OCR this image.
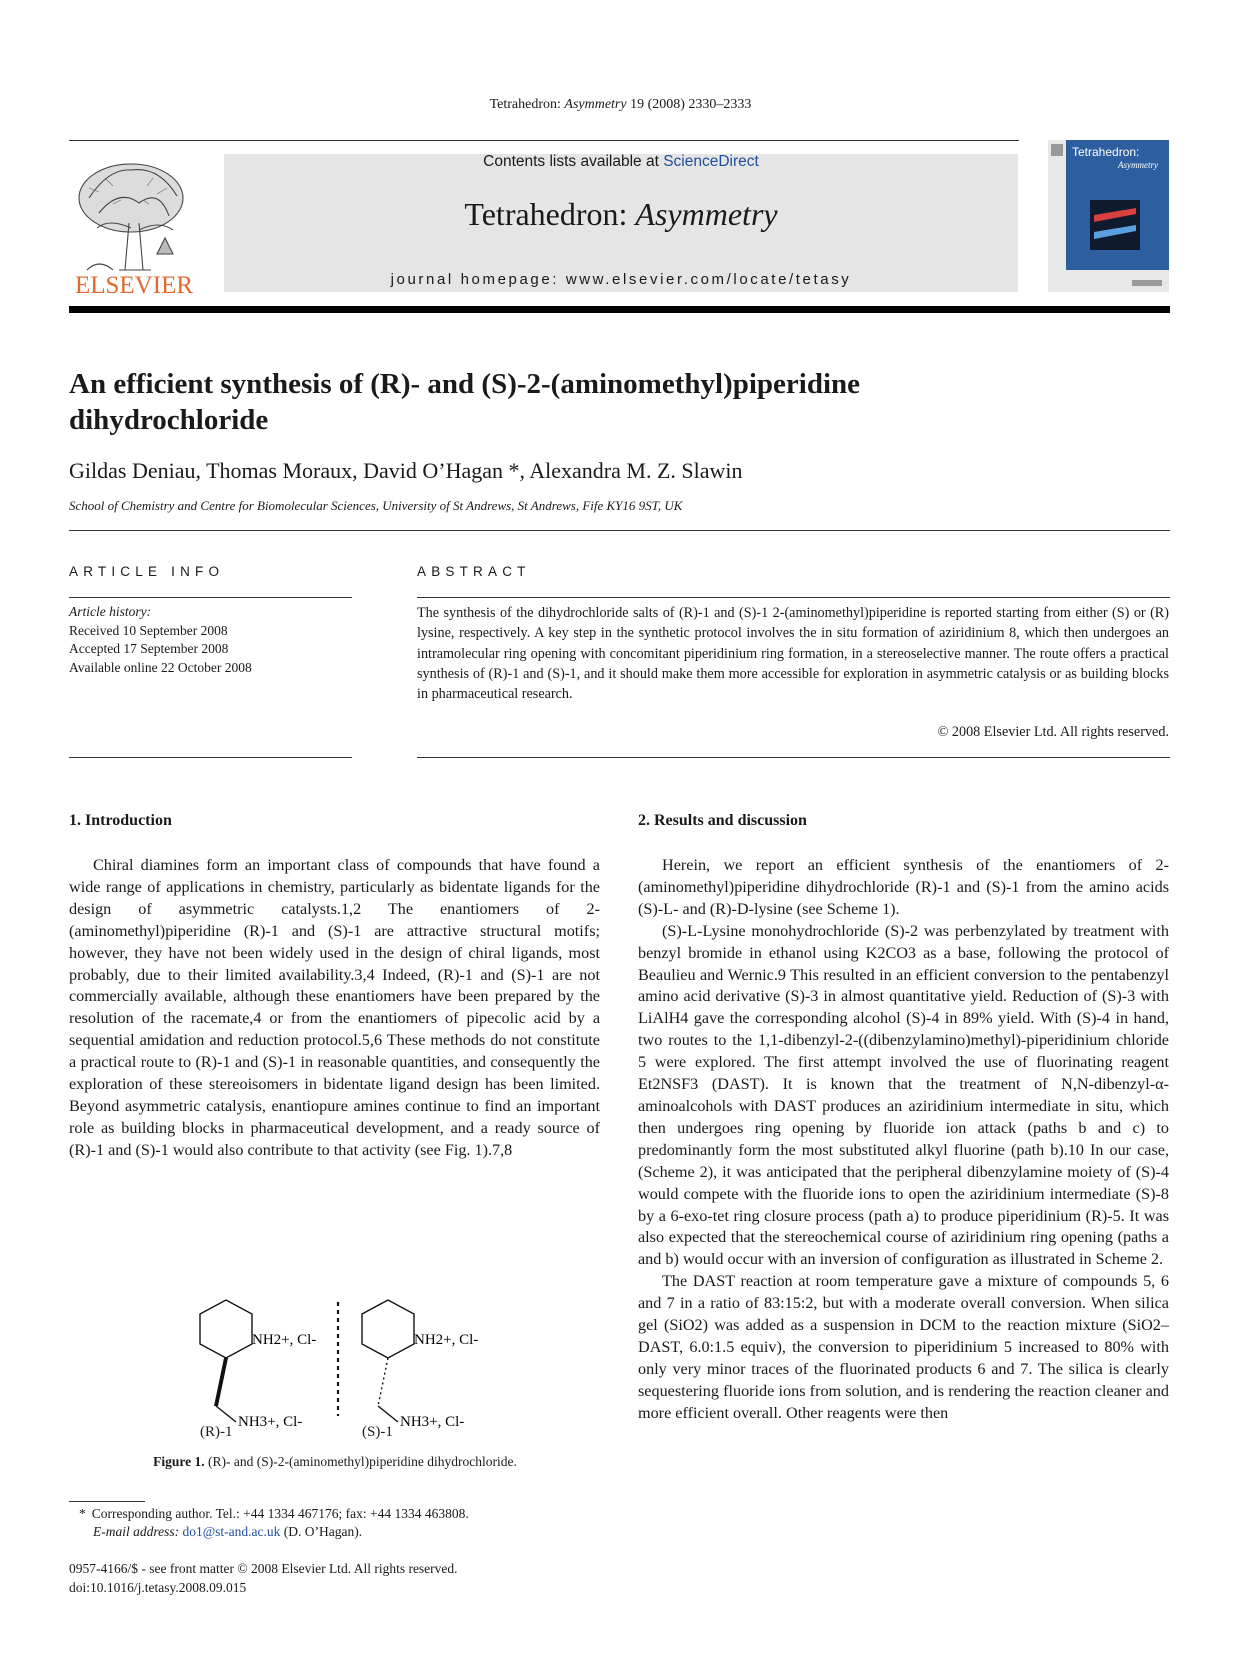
Tetrahedron: Asymmetry 19 (2008) 2330–2333
ELSEVIER
Contents lists available at ScienceDirect
Tetrahedron: Asymmetry
journal homepage: www.elsevier.com/locate/tetasy
Tetrahedron:
Asymmetry
An efficient synthesis of (R)- and (S)-2-(aminomethyl)piperidine
dihydrochloride
Gildas Deniau, Thomas Moraux, David O’Hagan *, Alexandra M. Z. Slawin
School of Chemistry and Centre for Biomolecular Sciences, University of St Andrews, St Andrews, Fife KY16 9ST, UK
ARTICLE INFO
Article history:
Received 10 September 2008
Accepted 17 September 2008
Available online 22 October 2008
ABSTRACT
The synthesis of the dihydrochloride salts of (R)-1 and (S)-1 2-(aminomethyl)piperidine is reported starting from either (S) or (R) lysine, respectively. A key step in the synthetic protocol involves the in situ formation of aziridinium 8, which then undergoes an intramolecular ring opening with concomitant piperidinium ring formation, in a stereoselective manner. The route offers a practical synthesis of (R)-1 and (S)-1, and it should make them more accessible for exploration in asymmetric catalysis or as building blocks in pharmaceutical research.
© 2008 Elsevier Ltd. All rights reserved.
1. Introduction

Chiral diamines form an important class of compounds that have found a wide range of applications in chemistry, particularly as bidentate ligands for the design of asymmetric catalysts.1,2 The enantiomers of 2-(aminomethyl)piperidine (R)-1 and (S)-1 are attractive structural motifs; however, they have not been widely used in the design of chiral ligands, most probably, due to their limited availability.3,4 Indeed, (R)-1 and (S)-1 are not commercially available, although these enantiomers have been prepared by the resolution of the racemate,4 or from the enantiomers of pipecolic acid by a sequential amidation and reduction protocol.5,6 These methods do not constitute a practical route to (R)-1 and (S)-1 in reasonable quantities, and consequently the exploration of these stereoisomers in bidentate ligand design has been limited. Beyond asymmetric catalysis, enantiopure amines continue to find an important role as building blocks in pharmaceutical development, and a ready source of (R)-1 and (S)-1 would also contribute to that activity (see Fig. 1).7,8

NH2+, Cl-
NH3+, Cl-
NH2+, Cl-
NH3+, Cl-
(R)-1	(S)-1
Figure 1. (R)- and (S)-2-(aminomethyl)piperidine dihydrochloride.
* Corresponding author. Tel.: +44 1334 467176; fax: +44 1334 463808.
E-mail address: do1@st-and.ac.uk (D. O’Hagan).
0957-4166/$ - see front matter © 2008 Elsevier Ltd. All rights reserved.
doi:10.1016/j.tetasy.2008.09.015
2. Results and discussion

Herein, we report an efficient synthesis of the enantiomers of 2-(aminomethyl)piperidine dihydrochloride (R)-1 and (S)-1 from the amino acids (S)-L- and (R)-D-lysine (see Scheme 1).

(S)-L-Lysine monohydrochloride (S)-2 was perbenzylated by treatment with benzyl bromide in ethanol using K2CO3 as a base, following the protocol of Beaulieu and Wernic.9 This resulted in an efficient conversion to the pentabenzyl amino acid derivative (S)-3 in almost quantitative yield. Reduction of (S)-3 with LiAlH4 gave the corresponding alcohol (S)-4 in 89% yield. With (S)-4 in hand, two routes to the 1,1-dibenzyl-2-((dibenzylamino)methyl)-piperidinium chloride 5 were explored. The first attempt involved the use of fluorinating reagent Et2NSF3 (DAST). It is known that the treatment of N,N-dibenzyl-α-aminoalcohols with DAST produces an aziridinium intermediate in situ, which then undergoes ring opening by fluoride ion attack (paths b and c) to predominantly form the most substituted alkyl fluorine (path b).10 In our case, (Scheme 2), it was anticipated that the peripheral dibenzylamine moiety of (S)-4 would compete with the fluoride ions to open the aziridinium intermediate (S)-8 by a 6-exo-tet ring closure process (path a) to produce piperidinium (R)-5. It was also expected that the stereochemical course of aziridinium ring opening (paths a and b) would occur with an inversion of configuration as illustrated in Scheme 2.

The DAST reaction at room temperature gave a mixture of compounds 5, 6 and 7 in a ratio of 83:15:2, but with a moderate overall conversion. When silica gel (SiO2) was added as a suspension in DCM to the reaction mixture (SiO2–DAST, 6.0:1.5 equiv), the conversion to piperidinium 5 increased to 80% with only very minor traces of the fluorinated products 6 and 7. The silica is clearly sequestering fluoride ions from solution, and is rendering the reaction cleaner and more efficient overall. Other reagents were then
